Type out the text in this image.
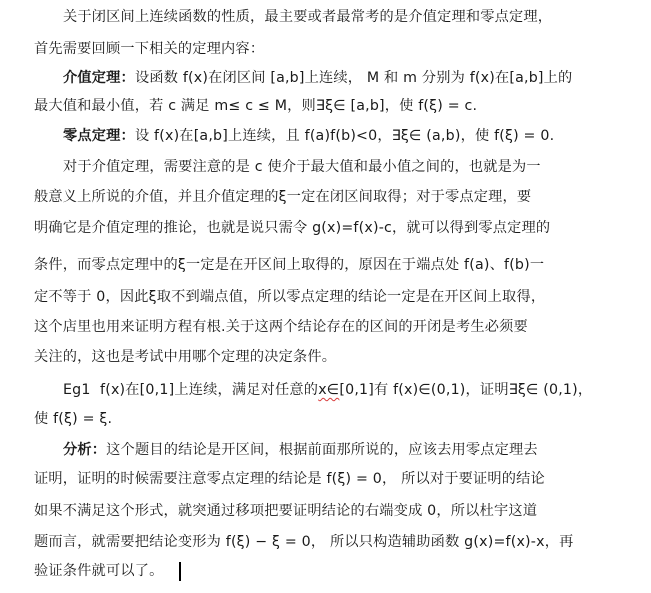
关于闭区间上连续函数的性质，最主要或者最常考的是介值定理和零点定理，
首先需要回顾一下相关的定理内容：
介值定理：设函数 f(x)在闭区间 [a,b]上连续， M 和 m 分别为 f(x)在[a,b]上的
最大值和最小值，若 c 满足 m≤ c ≤ M，则∃ξ∈ [a,b]，使 f(ξ) = c.
零点定理：设 f(x)在[a,b]上连续，且 f(a)f(b)<0，∃ξ∈ (a,b)，使 f(ξ) = 0.
对于介值定理，需要注意的是 c 使介于最大值和最小值之间的，也就是为一
般意义上所说的介值，并且介值定理的ξ一定在闭区间取得；对于零点定理，要
明确它是介值定理的推论，也就是说只需令 g(x)=f(x)-c，就可以得到零点定理的
条件，而零点定理中的ξ一定是在开区间上取得的，原因在于端点处 f(a)、f(b)一
定不等于 0，因此ξ取不到端点值，所以零点定理的结论一定是在开区间上取得，
这个店里也用来证明方程有根.关于这两个结论存在的区间的开闭是考生必须要
关注的，这也是考试中用哪个定理的决定条件。
Eg1 f(x)在[0,1]上连续，满足对任意的x∈[0,1]有 f(x)∈(0,1)，证明∃ξ∈ (0,1)，
使 f(ξ) = ξ.
分析：这个题目的结论是开区间，根据前面那所说的，应该去用零点定理去
证明，证明的时候需要注意零点定理的结论是 f(ξ) = 0， 所以对于要证明的结论
如果不满足这个形式，就突通过移项把要证明结论的右端变成 0，所以杜宇这道
题而言，就需要把结论变形为 f(ξ) − ξ = 0， 所以只构造辅助函数 g(x)=f(x)-x，再
验证条件就可以了。
